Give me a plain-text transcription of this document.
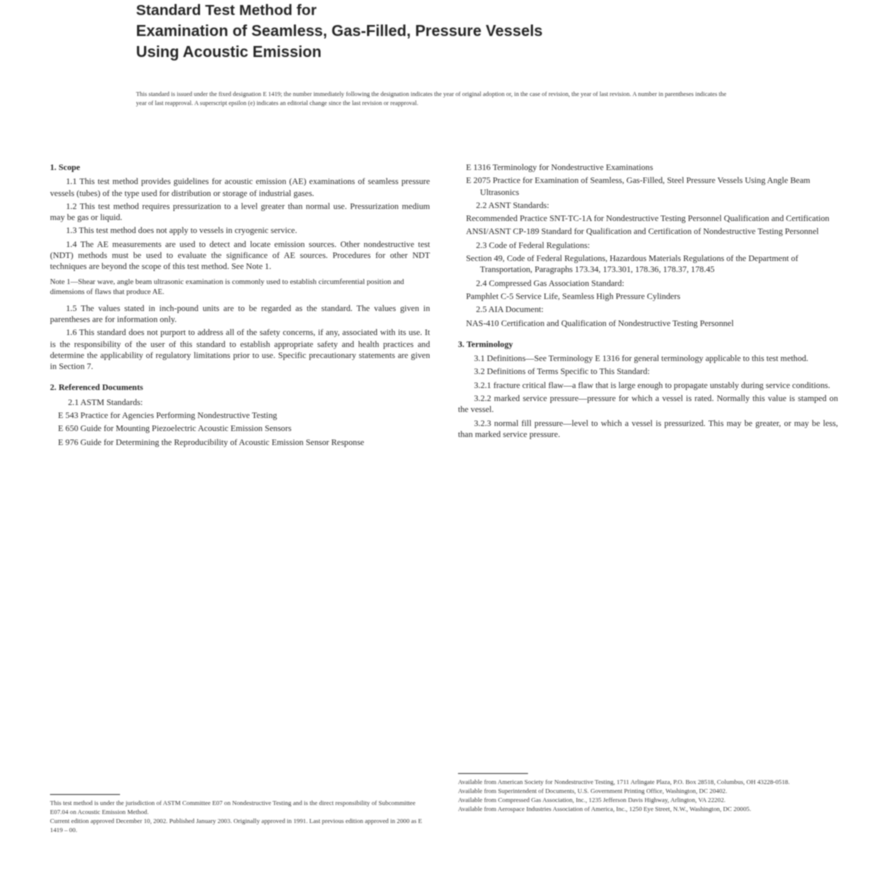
Standard Test Method for
Examination of Seamless, Gas-Filled, Pressure Vessels
Using Acoustic Emission
This standard is issued under the fixed designation E 1419; the number immediately following the designation indicates the year of original adoption or, in the case of revision, the year of last revision. A number in parentheses indicates the year of last reapproval. A superscript epsilon (e) indicates an editorial change since the last revision or reapproval.
1. Scope
1.1 This test method provides guidelines for acoustic emission (AE) examinations of seamless pressure vessels (tubes) of the type used for distribution or storage of industrial gases.
1.2 This test method requires pressurization to a level greater than normal use. Pressurization medium may be gas or liquid.
1.3 This test method does not apply to vessels in cryogenic service.
1.4 The AE measurements are used to detect and locate emission sources. Other nondestructive test (NDT) methods must be used to evaluate the significance of AE sources. Procedures for other NDT techniques are beyond the scope of this test method. See Note 1.
Note 1—Shear wave, angle beam ultrasonic examination is commonly used to establish circumferential position and dimensions of flaws that produce AE.
1.5 The values stated in inch-pound units are to be regarded as the standard. The values given in parentheses are for information only.
1.6 This standard does not purport to address all of the safety concerns, if any, associated with its use. It is the responsibility of the user of this standard to establish appropriate safety and health practices and determine the applicability of regulatory limitations prior to use. Specific precautionary statements are given in Section 7.
2. Referenced Documents
2.1 ASTM Standards:
E 543 Practice for Agencies Performing Nondestructive Testing
E 650 Guide for Mounting Piezoelectric Acoustic Emission Sensors
E 976 Guide for Determining the Reproducibility of Acoustic Emission Sensor Response
E 1316 Terminology for Nondestructive Examinations
E 2075 Practice for Examination of Seamless, Gas-Filled, Steel Pressure Vessels Using Angle Beam Ultrasonics
2.2 ASNT Standards:
Recommended Practice SNT-TC-1A for Nondestructive Testing Personnel Qualification and Certification
ANSI/ASNT CP-189 Standard for Qualification and Certification of Nondestructive Testing Personnel
2.3 Code of Federal Regulations:
Section 49, Code of Federal Regulations, Hazardous Materials Regulations of the Department of Transportation, Paragraphs 173.34, 173.301, 178.36, 178.37, 178.45
2.4 Compressed Gas Association Standard:
Pamphlet C-5 Service Life, Seamless High Pressure Cylinders
2.5 AIA Document:
NAS-410 Certification and Qualification of Nondestructive Testing Personnel
3. Terminology
3.1 Definitions—See Terminology E 1316 for general terminology applicable to this test method.
3.2 Definitions of Terms Specific to This Standard:
3.2.1 fracture critical flaw—a flaw that is large enough to propagate unstably during service conditions.
3.2.2 marked service pressure—pressure for which a vessel is rated. Normally this value is stamped on the vessel.
3.2.3 normal fill pressure—level to which a vessel is pressurized. This may be greater, or may be less, than marked service pressure.
This test method is under the jurisdiction of ASTM Committee E07 on Nondestructive Testing and is the direct responsibility of Subcommittee E07.04 on Acoustic Emission Method.
Current edition approved December 10, 2002. Published January 2003. Originally approved in 1991. Last previous edition approved in 2000 as E 1419 – 00.
Available from American Society for Nondestructive Testing, 1711 Arlingate Plaza, P.O. Box 28518, Columbus, OH 43228-0518.
Available from Superintendent of Documents, U.S. Government Printing Office, Washington, DC 20402.
Available from Compressed Gas Association, Inc., 1235 Jefferson Davis Highway, Arlington, VA 22202.
Available from Aerospace Industries Association of America, Inc., 1250 Eye Street, N.W., Washington, DC 20005.
